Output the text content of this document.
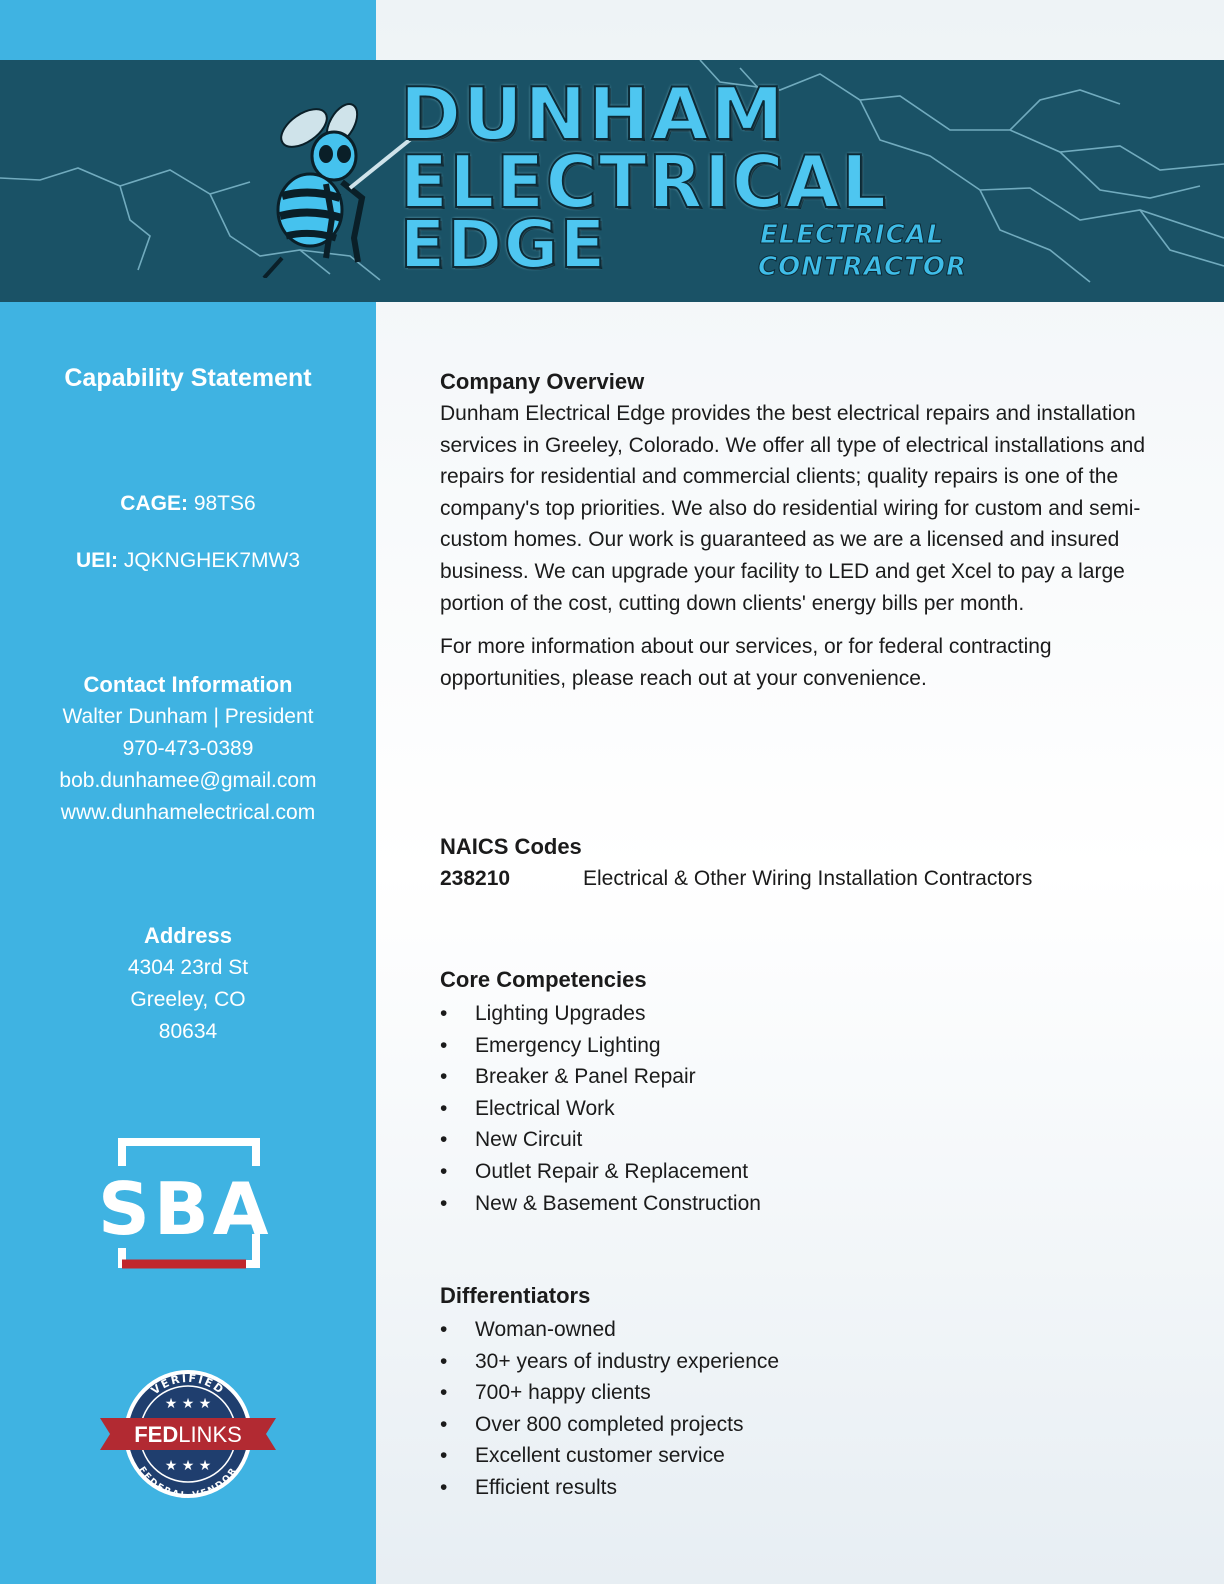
Capability Statement
CAGE: 98TS6
UEI: JQKNGHEK7MW3
Contact Information
Walter Dunham | President
970-473-0389
bob.dunhamee@gmail.com
www.dunhamelectrical.com
Address
4304 23rd St
Greeley, CO
80634
SBA
VERIFIED
★ ★ ★
FEDLINKS
★ ★ ★
FEDERAL VENDOR
DUNHAM
ELECTRICAL
EDGE	ELECTRICAL
CONTRACTOR

Company Overview

Dunham Electrical Edge provides the best electrical repairs and installation services in Greeley, Colorado. We offer all type of electrical installations and repairs for residential and commercial clients; quality repairs is one of the company's top priorities. We also do residential wiring for custom and semi-custom homes. Our work is guaranteed as we are a licensed and insured business. We can upgrade your facility to LED and get Xcel to pay a large portion of the cost, cutting down clients' energy bills per month.

For more information about our services, or for federal contracting opportunities, please reach out at your convenience.

NAICS Codes

238210	Electrical & Other Wiring Installation Contractors

Core Competencies

•	Lighting Upgrades
•	Emergency Lighting
•	Breaker & Panel Repair
•	Electrical Work
•	New Circuit
•	Outlet Repair & Replacement
•	New & Basement Construction

Differentiators

•	Woman-owned
•	30+ years of industry experience
•	700+ happy clients
•	Over 800 completed projects
•	Excellent customer service
•	Efficient results
